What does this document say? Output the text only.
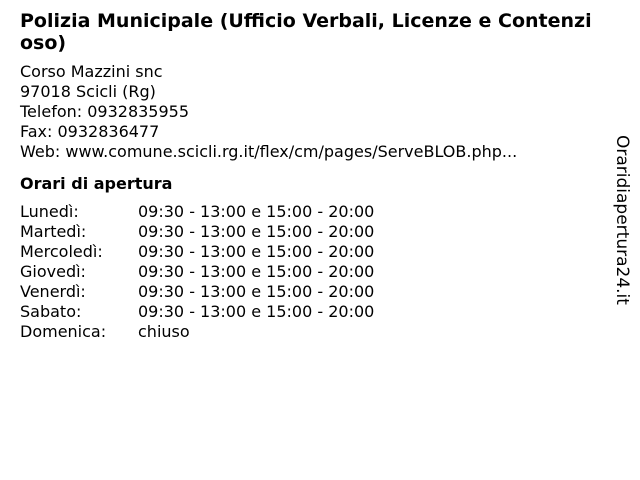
Polizia Municipale (Ufficio Verbali, Licenze e Contenzioso)
Corso Mazzini snc
97018 Scicli (Rg)
Telefon: 0932835955
Fax: 0932836477
Web: www.comune.scicli.rg.it/flex/cm/pages/ServeBLOB.php...
Orari di apertura
Lunedì:	09:30 - 13:00 e 15:00 - 20:00
Martedì:	09:30 - 13:00 e 15:00 - 20:00
Mercoledì:	09:30 - 13:00 e 15:00 - 20:00
Giovedì:	09:30 - 13:00 e 15:00 - 20:00
Venerdì:	09:30 - 13:00 e 15:00 - 20:00
Sabato:	09:30 - 13:00 e 15:00 - 20:00
Domenica:	chiuso
Oraridiapertura24.it
